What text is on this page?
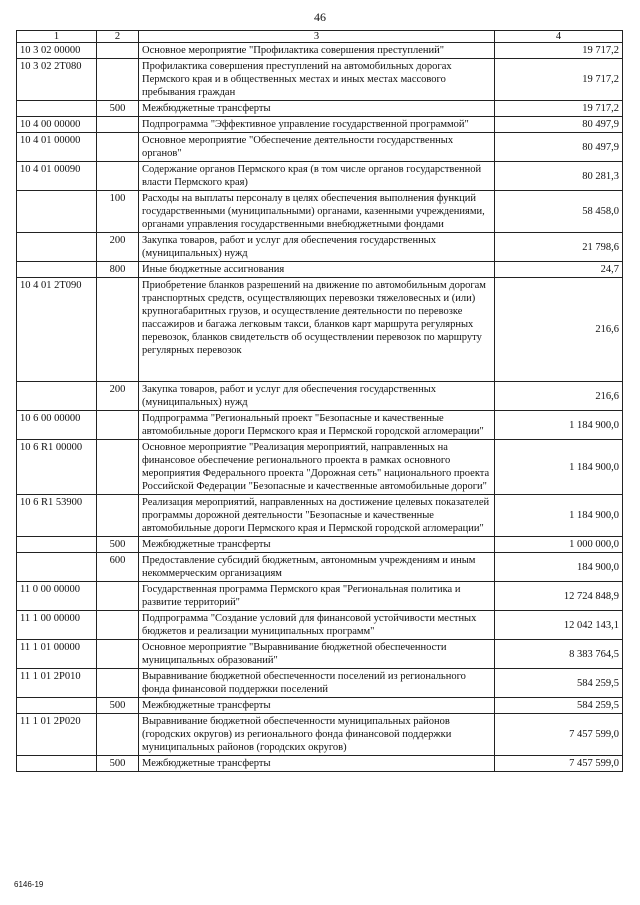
46
1	2	3	4
10 3 02 00000		Основное мероприятие "Профилактика совершения преступлений"	19 717,2
10 3 02 2Т080		Профилактика совершения преступлений на автомобильных дорогах Пермского края и в общественных местах и иных местах массового пребывания граждан	19 717,2
	500	Межбюджетные трансферты	19 717,2
10 4 00 00000		Подпрограмма "Эффективное управление государственной программой"	80 497,9
10 4 01 00000		Основное мероприятие "Обеспечение деятельности государственных органов"	80 497,9
10 4 01 00090		Содержание органов Пермского края (в том числе органов государственной власти Пермского края)	80 281,3
	100	Расходы на выплаты персоналу в целях обеспечения выполнения функций государственными (муниципальными) органами, казенными учреждениями, органами управления государственными внебюджетными фондами	58 458,0
	200	Закупка товаров, работ и услуг для обеспечения государственных (муниципальных) нужд	21 798,6
	800	Иные бюджетные ассигнования	24,7
10 4 01 2Т090		Приобретение бланков разрешений на движение по автомобильным дорогам транспортных средств, осуществляющих перевозки тяжеловесных и (или) крупногабаритных грузов, и осуществление деятельности по перевозке пассажиров и багажа легковым такси, бланков карт маршрута регулярных перевозок, бланков свидетельств об осуществлении перевозок по маршруту регулярных перевозок	216,6
	200	Закупка товаров, работ и услуг для обеспечения государственных (муниципальных) нужд	216,6
10 6 00 00000		Подпрограмма "Региональный проект "Безопасные и качественные автомобильные дороги Пермского края и Пермской городской агломерации"	1 184 900,0
10 6 R1 00000		Основное мероприятие "Реализация мероприятий, направленных на финансовое обеспечение регионального проекта в рамках основного мероприятия Федерального проекта "Дорожная сеть" национального проекта Российской Федерации "Безопасные и качественные автомобильные дороги"	1 184 900,0
10 6 R1 53900		Реализация мероприятий, направленных на достижение целевых показателей программы дорожной деятельности "Безопасные и качественные автомобильные дороги Пермского края и Пермской городской агломерации"	1 184 900,0
	500	Межбюджетные трансферты	1 000 000,0
	600	Предоставление субсидий бюджетным, автономным учреждениям и иным некоммерческим организациям	184 900,0
11 0 00 00000		Государственная программа Пермского края "Региональная политика и развитие территорий"	12 724 848,9
11 1 00 00000		Подпрограмма "Создание условий для финансовой устойчивости местных бюджетов и реализации муниципальных программ"	12 042 143,1
11 1 01 00000		Основное мероприятие "Выравнивание бюджетной обеспеченности муниципальных образований"	8 383 764,5
11 1 01 2Р010		Выравнивание бюджетной обеспеченности поселений из регионального фонда финансовой поддержки поселений	584 259,5
	500	Межбюджетные трансферты	584 259,5
11 1 01 2Р020		Выравнивание бюджетной обеспеченности муниципальных районов (городских округов) из регионального фонда финансовой поддержки муниципальных районов (городских округов)	7 457 599,0
	500	Межбюджетные трансферты	7 457 599,0
6146-19
